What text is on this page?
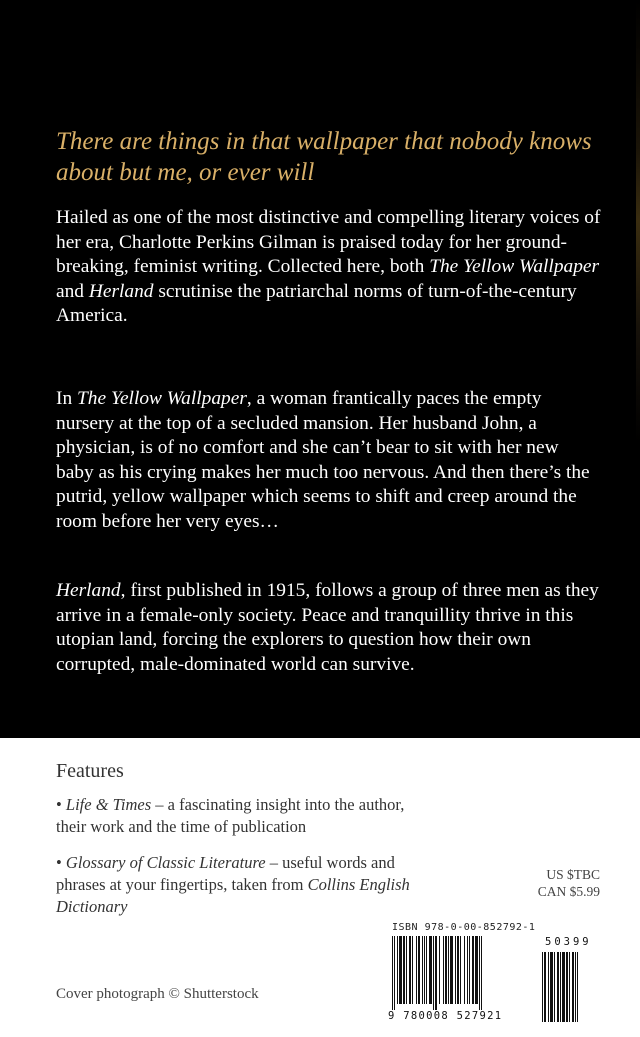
There are things in that wallpaper that nobody knows about but me, or ever will

Hailed as one of the most distinctive and compelling literary voices of her era, Charlotte Perkins Gilman is praised today for her ground-breaking, feminist writing. Collected here, both The Yellow Wallpaper and Herland scrutinise the patriarchal norms of turn-of-the-century America.

In The Yellow Wallpaper, a woman frantically paces the empty nursery at the top of a secluded mansion. Her husband John, a physician, is of no comfort and she can’t bear to sit with her new baby as his crying makes her much too nervous. And then there’s the putrid, yellow wallpaper which seems to shift and creep around the room before her very eyes…

Herland, first published in 1915, follows a group of three men as they arrive in a female-only society. Peace and tranquillity thrive in this utopian land, forcing the explorers to question how their own corrupted, male-dominated world can survive.

Features

• Life & Times – a fascinating insight into the author, their work and the time of publication

• Glossary of Classic Literature – useful words and phrases at your fingertips, taken from Collins English Dictionary

US $TBC
CAN $5.99
ISBN 978-0-00-852792-1
9 780008 527921
50399
Cover photograph © Shutterstock
